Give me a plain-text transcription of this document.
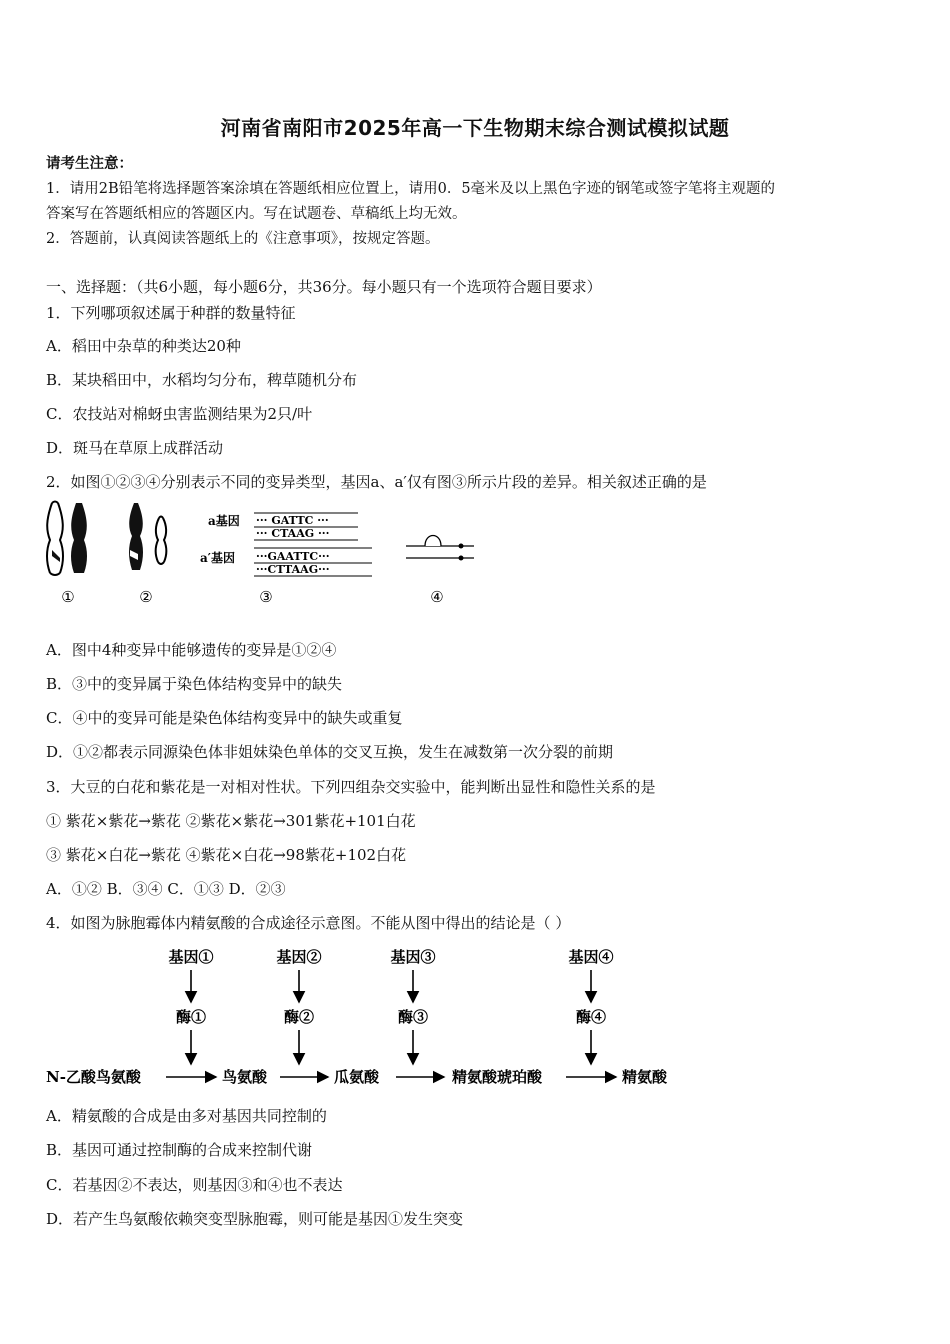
河南省南阳市2025年高一下生物期末综合测试模拟试题
请考生注意：
1．请用2B铅笔将选择题答案涂填在答题纸相应位置上，请用0．5毫米及以上黑色字迹的钢笔或签字笔将主观题的
答案写在答题纸相应的答题区内。写在试题卷、草稿纸上均无效。
2．答题前，认真阅读答题纸上的《注意事项》，按规定答题。
一、选择题：（共6小题，每小题6分，共36分。每小题只有一个选项符合题目要求）
1．下列哪项叙述属于种群的数量特征
A．稻田中杂草的种类达20种
B．某块稻田中，水稻均匀分布，稗草随机分布
C．农技站对棉蚜虫害监测结果为2只/叶
D．斑马在草原上成群活动
2．如图①②③④分别表示不同的变异类型，基因a、a′仅有图③所示片段的差异。相关叙述正确的是
a基因 ··· GATTC ···
··· CTAAG ···
a′基因 ···GAATTC···
···CTTAAG···
①	②	③	④
A．图中4种变异中能够遗传的变异是①②④
B．③中的变异属于染色体结构变异中的缺失
C．④中的变异可能是染色体结构变异中的缺失或重复
D．①②都表示同源染色体非姐妹染色单体的交叉互换，发生在减数第一次分裂的前期
3．大豆的白花和紫花是一对相对性状。下列四组杂交实验中，能判断出显性和隐性关系的是
① 紫花×紫花→紫花 ②紫花×紫花→301紫花+101白花
③ 紫花×白花→紫花 ④紫花×白花→98紫花+102白花
A．①② B．③④ C．①③ D．②③
4．如图为脉胞霉体内精氨酸的合成途径示意图。不能从图中得出的结论是（ ）
基因①	基因②	基因③	基因④
酶①	酶②	酶③	酶④
N-乙酸鸟氨酸	鸟氨酸	瓜氨酸	精氨酸琥珀酸	精氨酸
A．精氨酸的合成是由多对基因共同控制的
B．基因可通过控制酶的合成来控制代谢
C．若基因②不表达，则基因③和④也不表达
D．若产生鸟氨酸依赖突变型脉胞霉，则可能是基因①发生突变
